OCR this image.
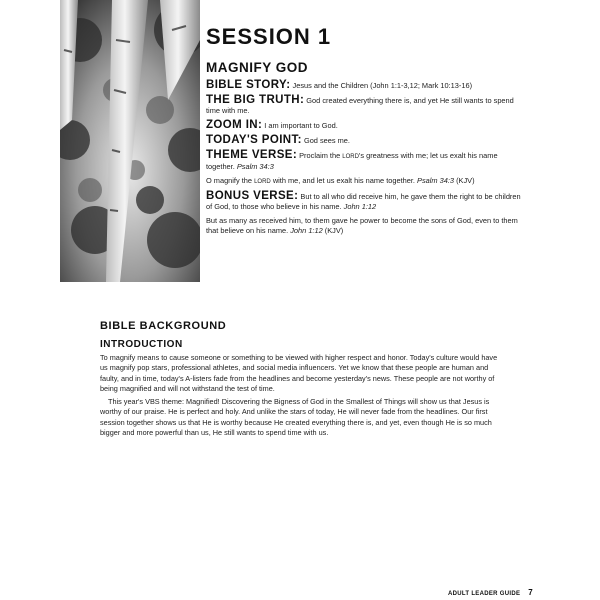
SESSION 1
MAGNIFY GOD

BIBLE STORY: Jesus and the Children (John 1:1-3,12; Mark 10:13-16)

THE BIG TRUTH: God created everything there is, and yet He still wants to spend time with me.

ZOOM IN: I am important to God.

TODAY'S POINT: God sees me.

THEME VERSE: Proclaim the LORD's greatness with me; let us exalt his name together. Psalm 34:3

O magnify the LORD with me, and let us exalt his name together. Psalm 34:3 (KJV)

BONUS VERSE: But to all who did receive him, he gave them the right to be children of God, to those who believe in his name. John 1:12

But as many as received him, to them gave he power to become the sons of God, even to them that believe on his name. John 1:12 (KJV)

BIBLE BACKGROUND
INTRODUCTION

To magnify means to cause someone or something to be viewed with higher respect and honor. Today's culture would have us magnify pop stars, professional athletes, and social media influencers. Yet we know that these people are human and faulty, and in time, today's A-listers fade from the headlines and become yesterday's news. These people are not worthy of being magnified and will not withstand the test of time.

This year's VBS theme: Magnified! Discovering the Bigness of God in the Smallest of Things will show us that Jesus is worthy of our praise. He is perfect and holy. And unlike the stars of today, He will never fade from the headlines. Our first session together shows us that He is worthy because He created everything there is, and yet, even though He is so much bigger and more powerful than us, He still wants to spend time with us.

ADULT LEADER GUIDE 7
